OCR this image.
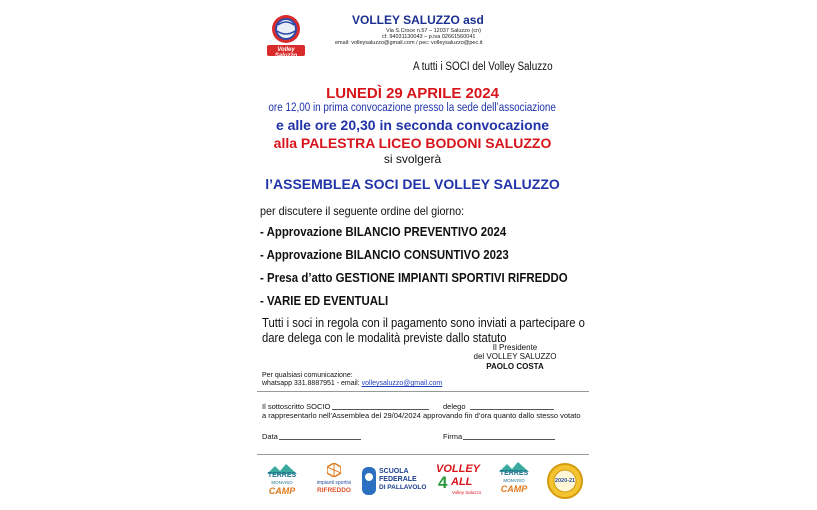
Volley Saluzzo
VOLLEY SALUZZO asd
Via S.Croce n.57 – 12037 Saluzzo (cn)
cf. 94031130043 – p.iva 02661560041
email: volleysaluzzo@gmail.com / pec: volleysaluzzo@pec.it
A tutti i SOCI del Volley Saluzzo
LUNEDÌ 29 APRILE 2024
ore 12,00 in prima convocazione presso la sede dell’associazione
e alle ore 20,30 in seconda convocazione
alla PALESTRA LICEO BODONI SALUZZO
si svolgerà
l’ASSEMBLEA SOCI DEL VOLLEY SALUZZO
per discutere il seguente ordine del giorno:
- Approvazione BILANCIO PREVENTIVO 2024
- Approvazione BILANCIO CONSUNTIVO 2023
- Presa d’atto GESTIONE IMPIANTI SPORTIVI RIFREDDO
- VARIE ED EVENTUALI
Tutti i soci in regola con il pagamento sono inviati a partecipare o
dare delega con le modalità previste dallo statuto
Il Presidente
del VOLLEY SALUZZO
PAOLO COSTA
Per qualsiasi comunicazione:
whatsapp 331.8887951 - email: volleysaluzzo@gmail.com
Il sottoscritto SOCIO	delego
a rappresentarlo nell’Assemblea del 29/04/2024 approvando fin d’ora quanto dallo stesso votato
Data	Firma
TERRES
MONVISO
CAMP
impianti sportivi
RIFREDDO
SCUOLA
FEDERALE
DI PALLAVOLO
VOLLEY
4 ALL
Volley Saluzzo
TERRES
MONVISO
CAMP
2020-21
